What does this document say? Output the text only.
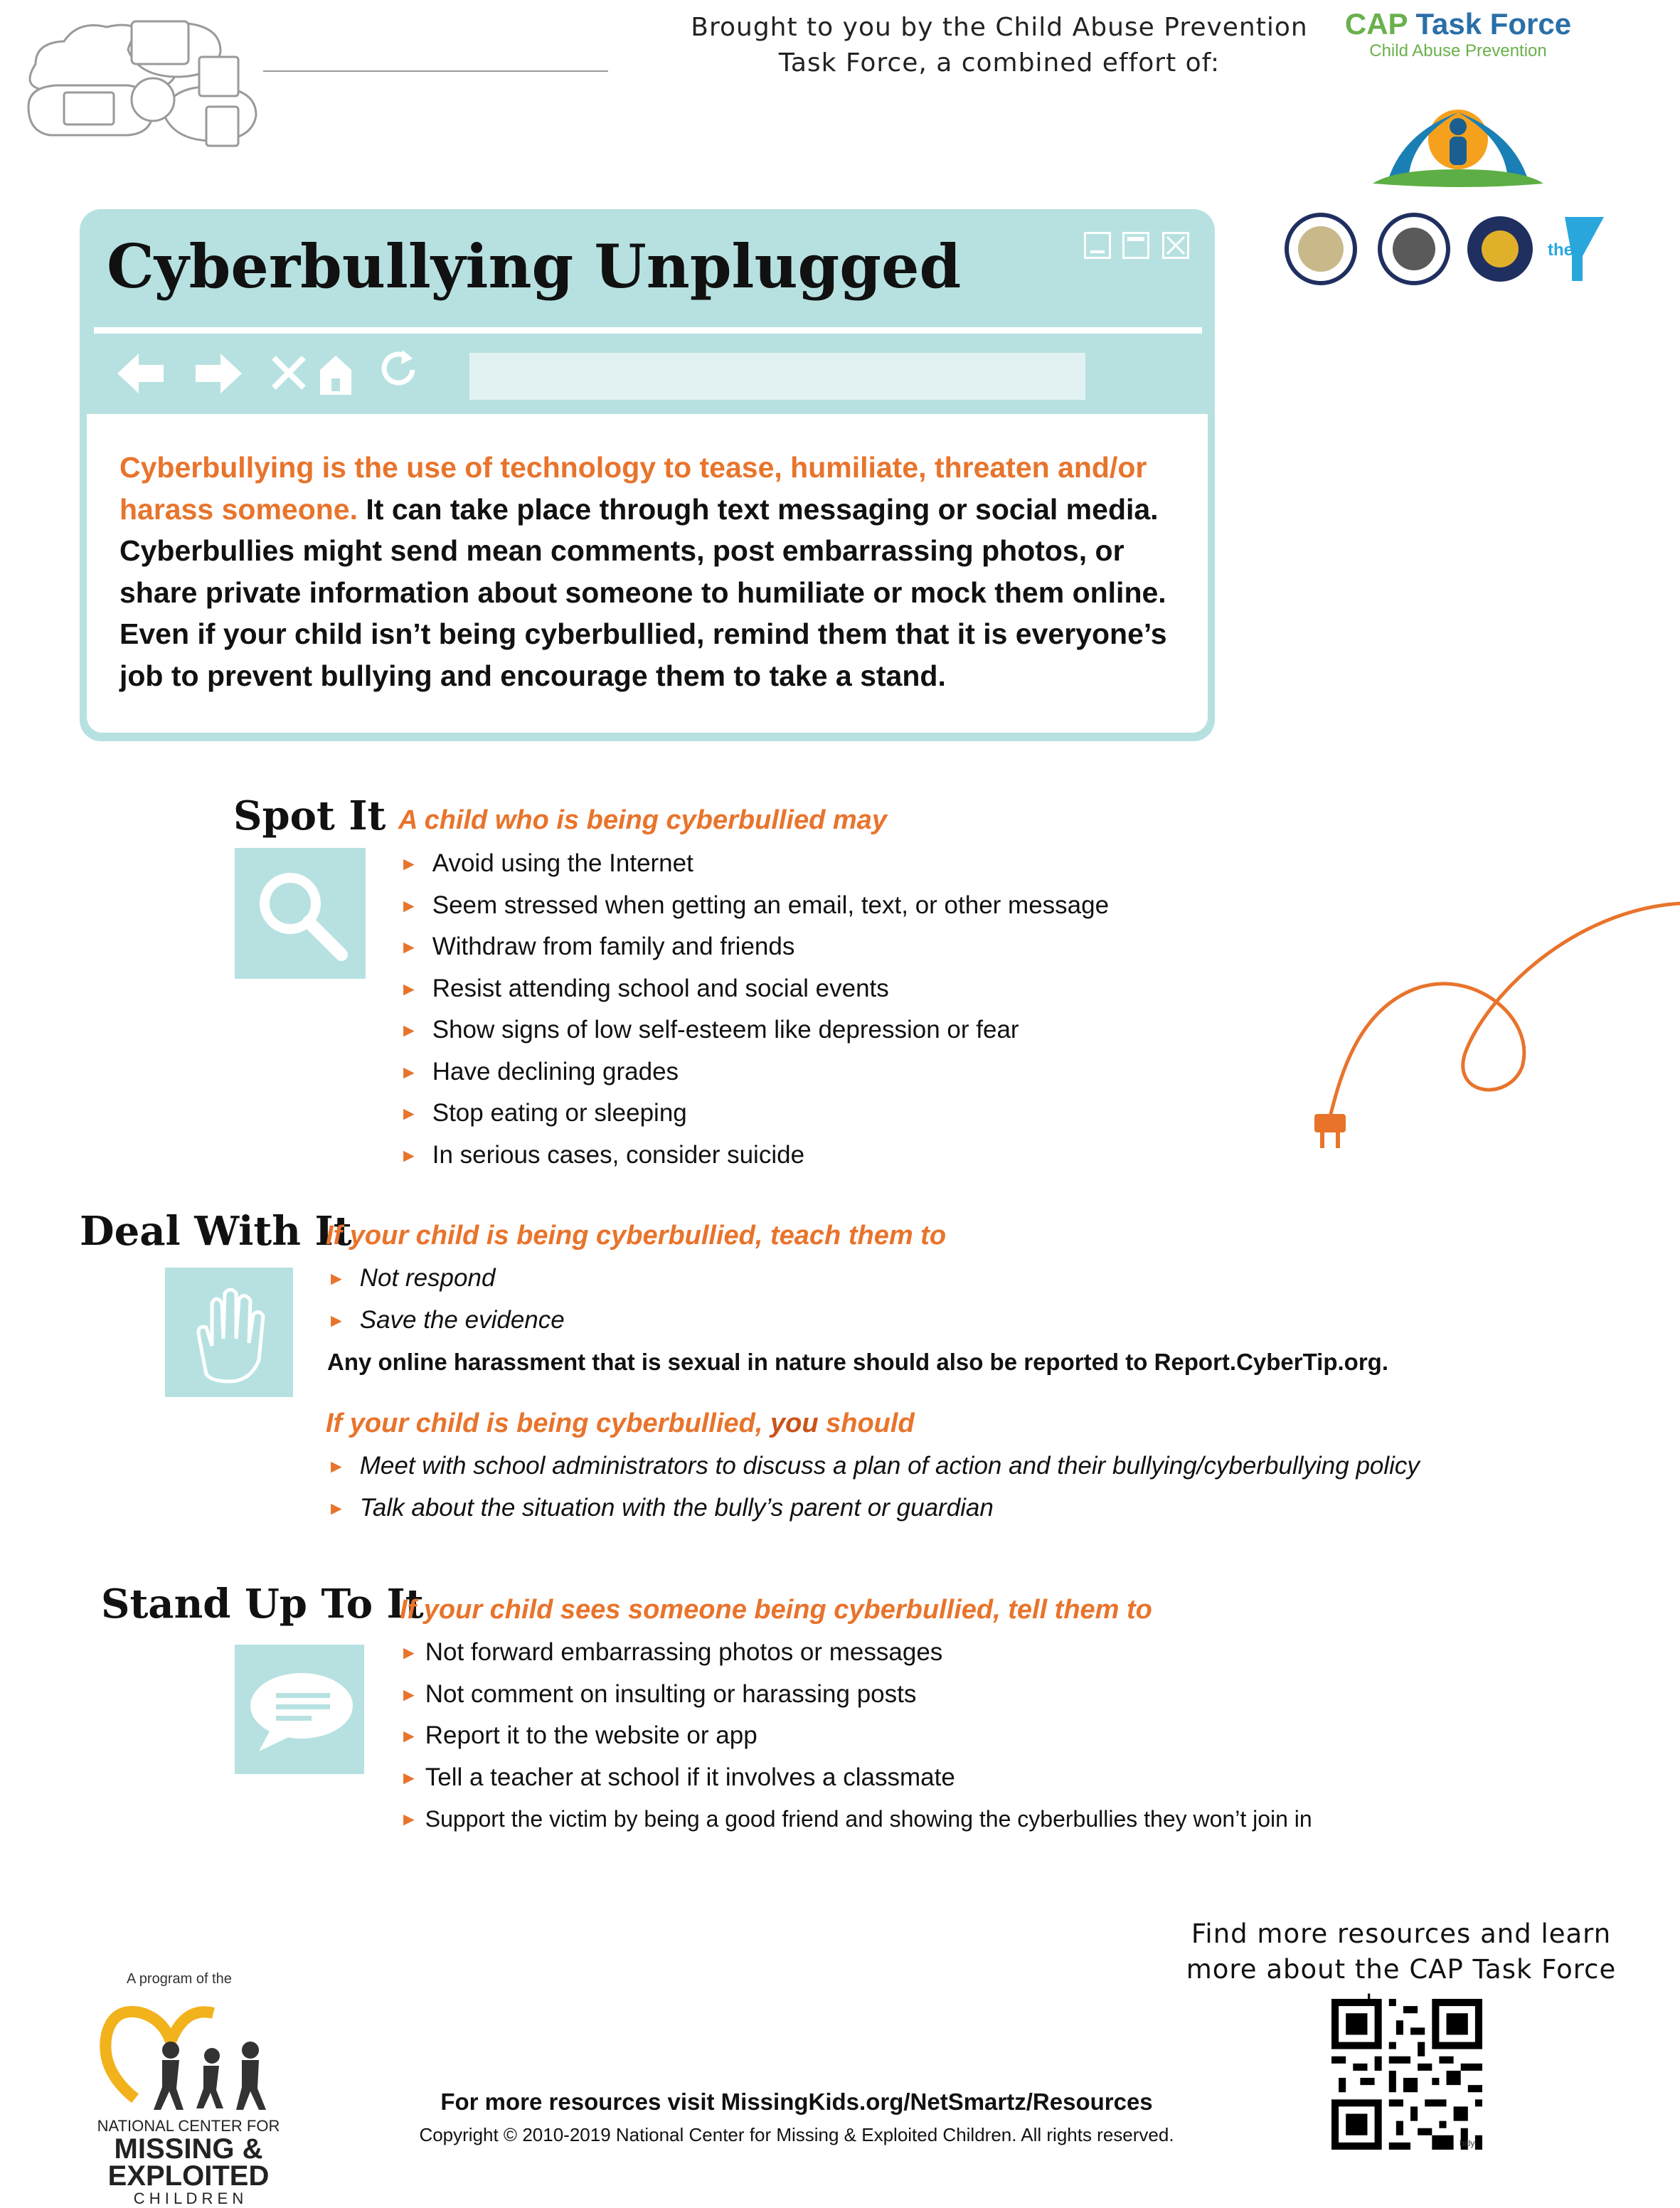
Brought to you by the Child Abuse Prevention
Task Force, a combined effort of:
CAP Task Force
Child Abuse Prevention
the
Cyberbullying Unplugged
Cyberbullying is the use of technology to tease, humiliate, threaten and/or harass someone. It can take place through text messaging or social media. Cyberbullies might send mean comments, post embarrassing photos, or share private information about someone to humiliate or mock them online. Even if your child isn’t being cyberbullied, remind them that it is everyone’s job to prevent bullying and encourage them to take a stand.
Spot It A child who is being cyberbullied may
► Avoid using the Internet
► Seem stressed when getting an email, text, or other message
► Withdraw from family and friends
► Resist attending school and social events
► Show signs of low self-esteem like depression or fear
► Have declining grades
► Stop eating or sleeping
► In serious cases, consider suicide
Deal With It
If your child is being cyberbullied, teach them to
► Not respond
► Save the evidence
Any online harassment that is sexual in nature should also be reported to Report.CyberTip.org.
If your child is being cyberbullied, you should
► Meet with school administrators to discuss a plan of action and their bullying/cyberbullying policy
► Talk about the situation with the bully’s parent or guardian
Stand Up To It
If your child sees someone being cyberbullied, tell them to
► Not forward embarrassing photos or messages
► Not comment on insulting or harassing posts
► Report it to the website or app
► Tell a teacher at school if it involves a classmate
► Support the victim by being a good friend and showing the cyberbullies they won’t join in
A program of the
NATIONAL CENTER FOR
MISSING &
EXPLOITED
C H I L D R E N
For more resources visit MissingKids.org/NetSmartz/Resources
Copyright © 2010-2019 National Center for Missing & Exploited Children. All rights reserved.
Find more resources and learn
more about the CAP Task Force
bitly
